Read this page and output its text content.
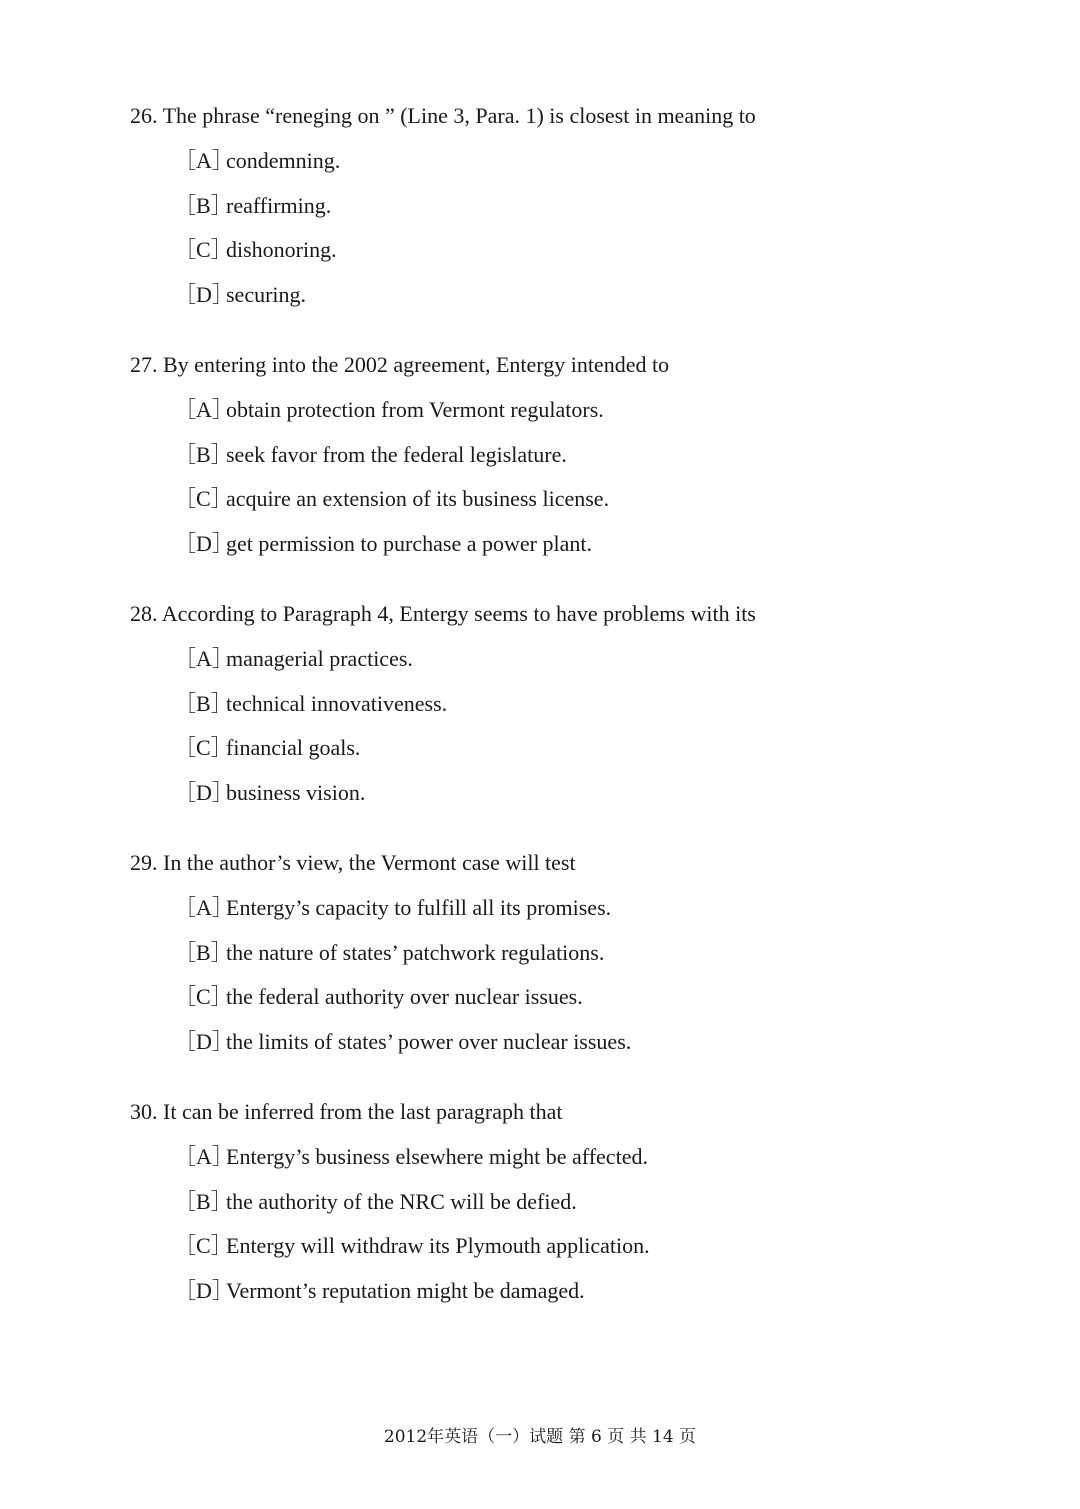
26. The phrase “reneging on ” (Line 3, Para. 1) is closest in meaning to
［A］condemning.
［B］reaffirming.
［C］dishonoring.
［D］securing.
27. By entering into the 2002 agreement, Entergy intended to
［A］obtain protection from Vermont regulators.
［B］seek favor from the federal legislature.
［C］acquire an extension of its business license.
［D］get permission to purchase a power plant.
28. According to Paragraph 4, Entergy seems to have problems with its
［A］managerial practices.
［B］technical innovativeness.
［C］financial goals.
［D］business vision.
29. In the author’s view, the Vermont case will test
［A］Entergy’s capacity to fulfill all its promises.
［B］the nature of states’ patchwork regulations.
［C］the federal authority over nuclear issues.
［D］the limits of states’ power over nuclear issues.
30. It can be inferred from the last paragraph that
［A］Entergy’s business elsewhere might be affected.
［B］the authority of the NRC will be defied.
［C］Entergy will withdraw its Plymouth application.
［D］Vermont’s reputation might be damaged.
2012年英语（一）试题 第 6 页 共 14 页
